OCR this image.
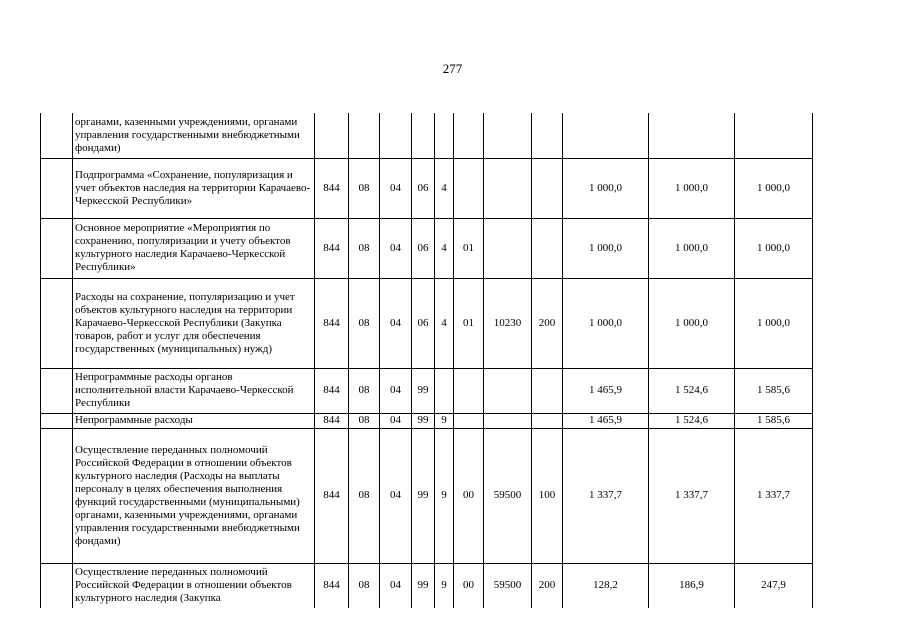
277
	органами, казенными учреждениями, органами управления государственными внебюджетными фондами)											
	Подпрограмма «Сохранение, популяризация и учет объектов наследия на территории Карачаево-Черкесской Республики»	844	08	04	06	4				1 000,0	1 000,0	1 000,0
	Основное мероприятие «Мероприятия по сохранению, популяризации и учету объектов культурного наследия Карачаево-Черкесской Республики»	844	08	04	06	4	01			1 000,0	1 000,0	1 000,0
	Расходы на сохранение, популяризацию и учет объектов культурного наследия на территории Карачаево-Черкесской Республики (Закупка товаров, работ и услуг для обеспечения государственных (муниципальных) нужд)	844	08	04	06	4	01	10230	200	1 000,0	1 000,0	1 000,0
	Непрограммные расходы органов исполнительной власти Карачаево-Черкесской Республики	844	08	04	99					1 465,9	1 524,6	1 585,6
	Непрограммные расходы	844	08	04	99	9				1 465,9	1 524,6	1 585,6
	Осуществление переданных полномочий Российской Федерации в отношении объектов культурного наследия (Расходы на выплаты персоналу в целях обеспечения выполнения функций государственными (муниципальными) органами, казенными учреждениями, органами управления государственными внебюджетными фондами)	844	08	04	99	9	00	59500	100	1 337,7	1 337,7	1 337,7
	Осуществление переданных полномочий Российской Федерации в отношении объектов культурного наследия (Закупка	844	08	04	99	9	00	59500	200	128,2	186,9	247,9
